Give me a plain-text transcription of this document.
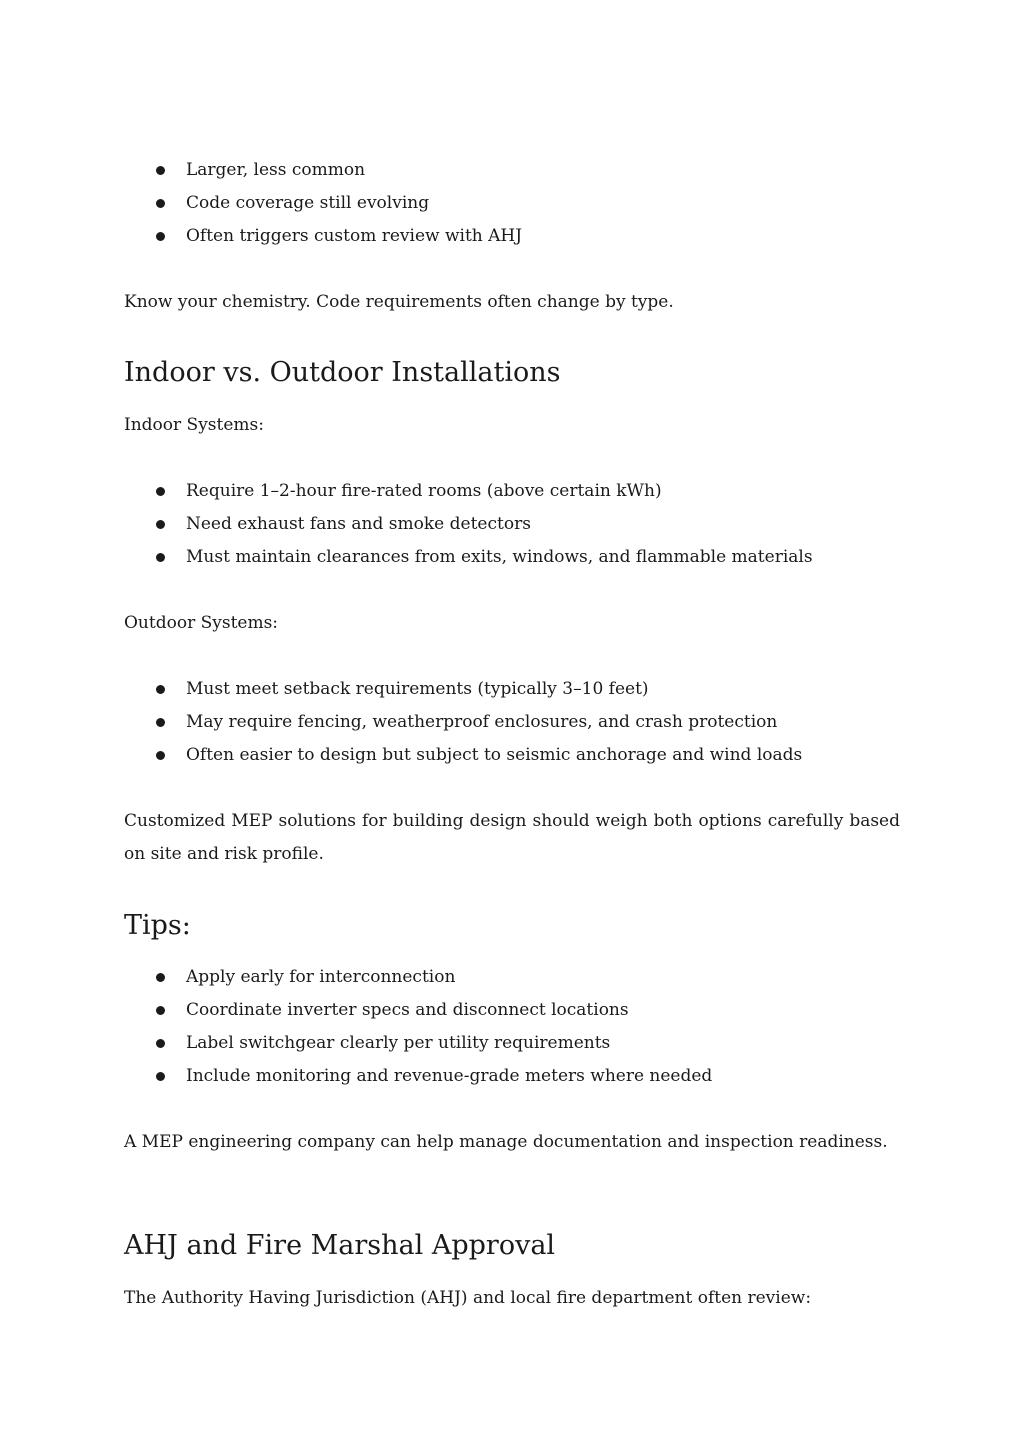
Larger, less common
Code coverage still evolving
Often triggers custom review with AHJ

Know your chemistry. Code requirements often change by type.

Indoor vs. Outdoor Installations

Indoor Systems:

Require 1–2-hour fire-rated rooms (above certain kWh)
Need exhaust fans and smoke detectors
Must maintain clearances from exits, windows, and flammable materials

Outdoor Systems:

Must meet setback requirements (typically 3–10 feet)
May require fencing, weatherproof enclosures, and crash protection
Often easier to design but subject to seismic anchorage and wind loads

Customized MEP solutions for building design should weigh both options carefully based on site and risk profile.

Tips:
Apply early for interconnection
Coordinate inverter specs and disconnect locations
Label switchgear clearly per utility requirements
Include monitoring and revenue-grade meters where needed

A MEP engineering company can help manage documentation and inspection readiness.

AHJ and Fire Marshal Approval

The Authority Having Jurisdiction (AHJ) and local fire department often review:
